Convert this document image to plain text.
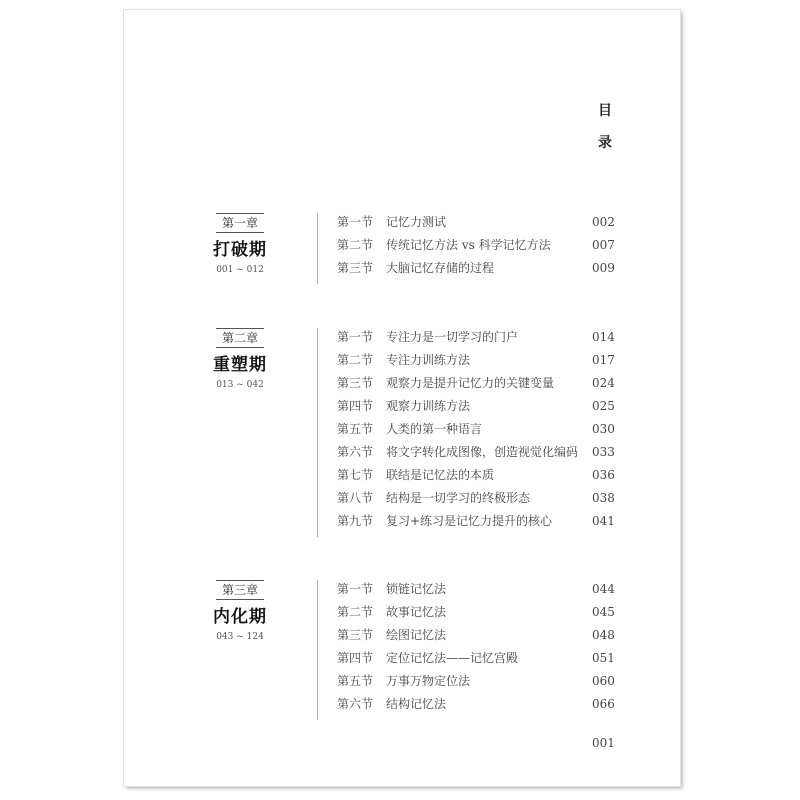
目
录
第一章
打破期
001 ~ 012
第一节 记忆力测试	002
第二节 传统记忆方法 vs 科学记忆方法	007
第三节 大脑记忆存储的过程	009
第二章
重塑期
013 ~ 042
第一节 专注力是一切学习的门户	014
第二节 专注力训练方法	017
第三节 观察力是提升记忆力的关键变量	024
第四节 观察力训练方法	025
第五节 人类的第一种语言	030
第六节 将文字转化成图像，创造视觉化编码 033
第七节 联结是记忆法的本质	036
第八节 结构是一切学习的终极形态	038
第九节 复习+练习是记忆力提升的核心	041
第三章
内化期
043 ~ 124
第一节 锁链记忆法	044
第二节 故事记忆法	045
第三节 绘图记忆法	048
第四节 定位记忆法——记忆宫殿	051
第五节 万事万物定位法	060
第六节 结构记忆法	066
001
